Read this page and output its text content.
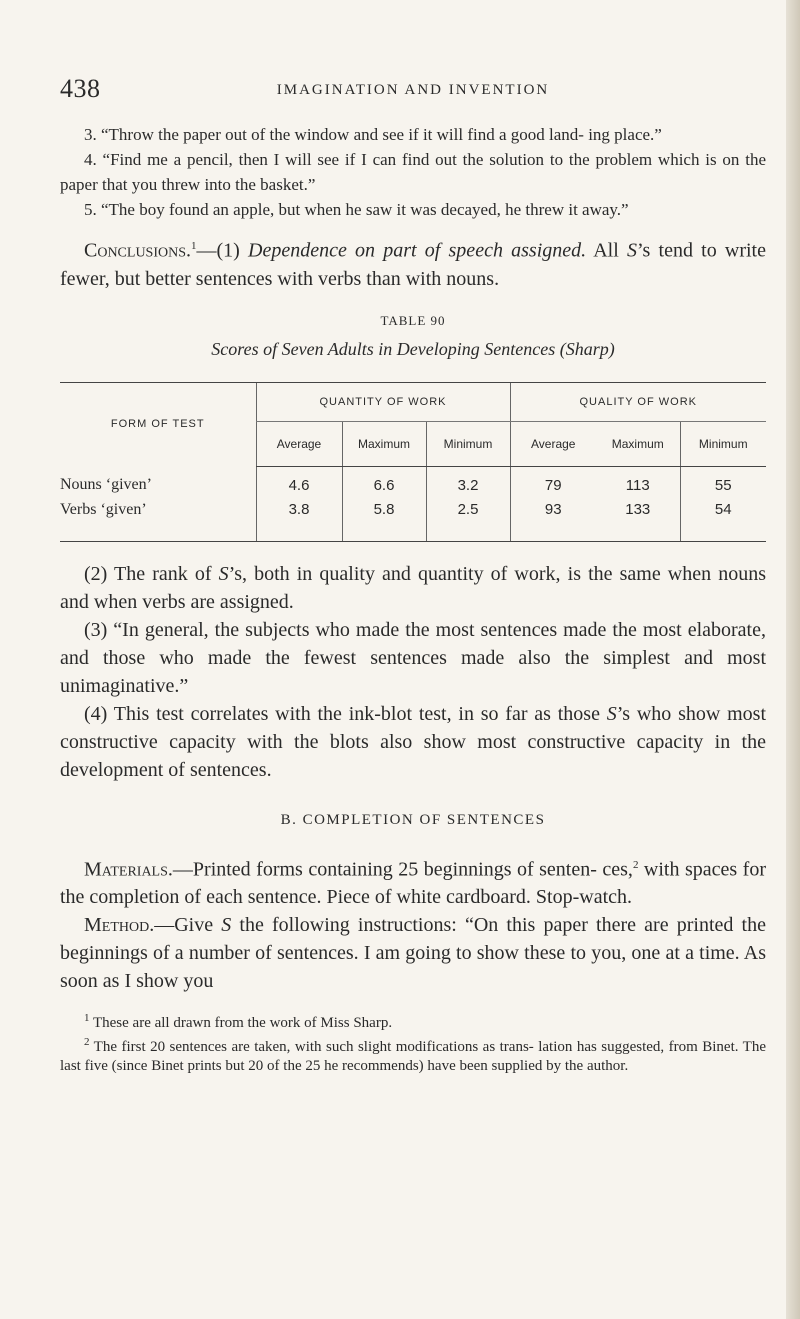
438	IMAGINATION AND INVENTION

3. “Throw the paper out of the window and see if it will find a good land- ing place.”

4. “Find me a pencil, then I will see if I can find out the solution to the problem which is on the paper that you threw into the basket.”

5. “The boy found an apple, but when he saw it was decayed, he threw it away.”

Conclusions.$^1$—(1) Dependence on part of speech assigned. All S’s tend to write fewer, but better sentences with verbs than with nouns.

TABLE 90
Scores of Seven Adults in Developing Sentences (Sharp)
FORM OF TEST	QUANTITY OF WORK			QUALITY OF WORK		
	Average	Maximum	Minimum	Average	Maximum	Minimum
Nouns ‘given’	4.6	6.6	3.2	79	113	55
Verbs ‘given’	3.8	5.8	2.5	93	133	54

(2) The rank of S’s, both in quality and quantity of work, is the same when nouns and when verbs are assigned.

(3) “In general, the subjects who made the most sentences made the most elaborate, and those who made the fewest sentences made also the simplest and most unimaginative.”

(4) This test correlates with the ink-blot test, in so far as those S’s who show most constructive capacity with the blots also show most constructive capacity in the development of sentences.

B. COMPLETION OF SENTENCES

Materials.—Printed forms containing 25 beginnings of senten- ces,$^2$ with spaces for the completion of each sentence. Piece of white cardboard. Stop-watch.

Method.—Give S the following instructions: “On this paper there are printed the beginnings of a number of sentences. I am going to show these to you, one at a time. As soon as I show you

$^1$ These are all drawn from the work of Miss Sharp.

$^2$ The first 20 sentences are taken, with such slight modifications as trans- lation has suggested, from Binet. The last five (since Binet prints but 20 of the 25 he recommends) have been supplied by the author.
